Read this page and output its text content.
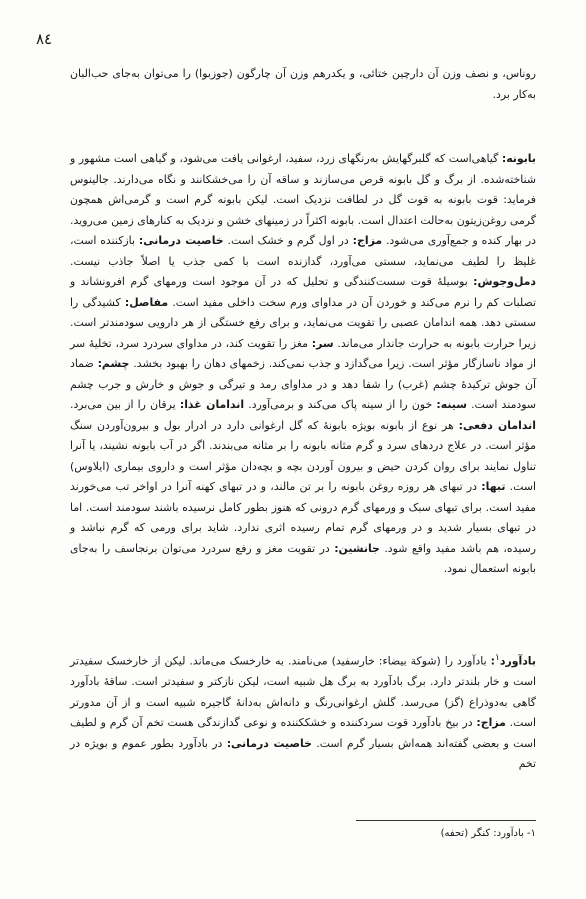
٨٤

روناس، و نصف وزن آن دارچین ختائی، و یکدرهم وزن آن چارگون (جوزبوا) را می‌توان به‌جای حب‌البان به‌کار برد.

بابونه: گیاهی‌است که گلبرگهایش به‌رنگهای زرد، سفید، ارغوانی یافت می‌شود، و گیاهی است مشهور و شناخته‌شده. از برگ و گل بابونه قرص می‌سازند و ساقه آن را می‌خشکانند و نگاه می‌دارند. جالینوس فرماید: قوت بابونه به قوت گل در لطافت نزدیک است. لیکن بابونه گرم است و گرمی‌اش همچون گرمی روغن‌زیتون به‌حالت اعتدال است. بابونه اکثراً در زمینهای خشن و نزدیک به کنارهای زمین می‌روید. در بهار کنده و جمع‌آوری می‌شود. مزاج: در اول گرم و خشک است. خاصیت درمانی: بازکننده است، غلیظ را لطیف می‌نماید، سستی می‌آورد، گدازنده است با کمی جذب یا اصلاً جاذب نیست. دمل‌وجوش: بوسیلهٔ قوت سست‌کنندگی و تحلیل که در آن موجود است ورمهای گرم افرونشاند و تصلبات کم را نرم می‌کند و خوردن آن در مداوای ورم سخت داخلی مفید است. مفاصل: کشیدگی را سستی دهد. همه اندامان عصبی را تقویت می‌نماید، و برای رفع خستگی از هر دارویی سودمندتر است. زیرا حرارت بابونه به حرارت جاندار می‌ماند. سر: مغز را تقویت کند، در مداوای سردرد سرد، تخلیهٔ سر از مواد ناسازگار مؤثر است. زیرا می‌گدازد و جذب نمی‌کند. زخمهای دهان را بهبود بخشد. چشم: ضماد آن جوش ترکیدهٔ چشم (غرب) را شفا دهد و در مداوای رمد و تیرگی و جوش و خارش و جرب چشم سودمند است. سینه: خون را از سینه پاک می‌کند و برمی‌آورد. اندامان غذا: یرقان را از بین می‌برد. اندامان دفعی: هر نوع از بابونه بویژه بابونهٔ که گل ارغوانی دارد در ادرار بول و بیرون‌آوردن سنگ مؤثر است. در علاج دردهای سرد و گرم مثانه بابونه را بر مثانه می‌بندند. اگر در آب بابونه نشیند، یا آنرا تناول نمایند برای روان کردن حیض و بیرون آوردن بچه و بچه‌دان مؤثر است و داروی بیماری (ایلاوس) است. تبها: در تبهای هر روزه روغن بابونه را بر تن مالند، و در تبهای کهنه آنرا در اواخر تب می‌خورند مفید است. برای تبهای سبک و ورمهای گرم درونی که هنوز بطور کامل نرسیده باشند سودمند است. اما در تبهای بسیار شدید و در ورمهای گرم تمام رسیده اثری ندارد. شاید برای ورمی که گرم نباشد و رسیده، هم باشد مفید واقع شود. جانشین: در تقویت مغز و رفع سردرد می‌توان برنجاسف را به‌جای بابونه استعمال نمود.

بادآورد$^١$: بادآورد را (شوکة بیضاء: خارسفید) می‌نامند. به خارخسک می‌ماند. لیکن از خارخسک سفیدتر است و خار بلندتر دارد. برگ بادآورد به برگ هل شبیه است، لیکن نازکتر و سفیدتر است. ساقهٔ بادآورد گاهی به‌دوذراع (گز) می‌رسد. گلش ارغوانی‌رنگ و دانه‌اش به‌دانهٔ گاجیره شبیه است و از آن مدورتر است. مزاج: در بیخ بادآورد قوت سردکننده و خشککننده و نوعی گدازندگی هست تخم آن گرم و لطیف است و بعضی گفته‌اند همه‌اش بسیار گرم است. خاصیت درمانی: در بادآورد بطور عموم و بویژه در تخم

١- بادآورد: کنگر (تحفه)
